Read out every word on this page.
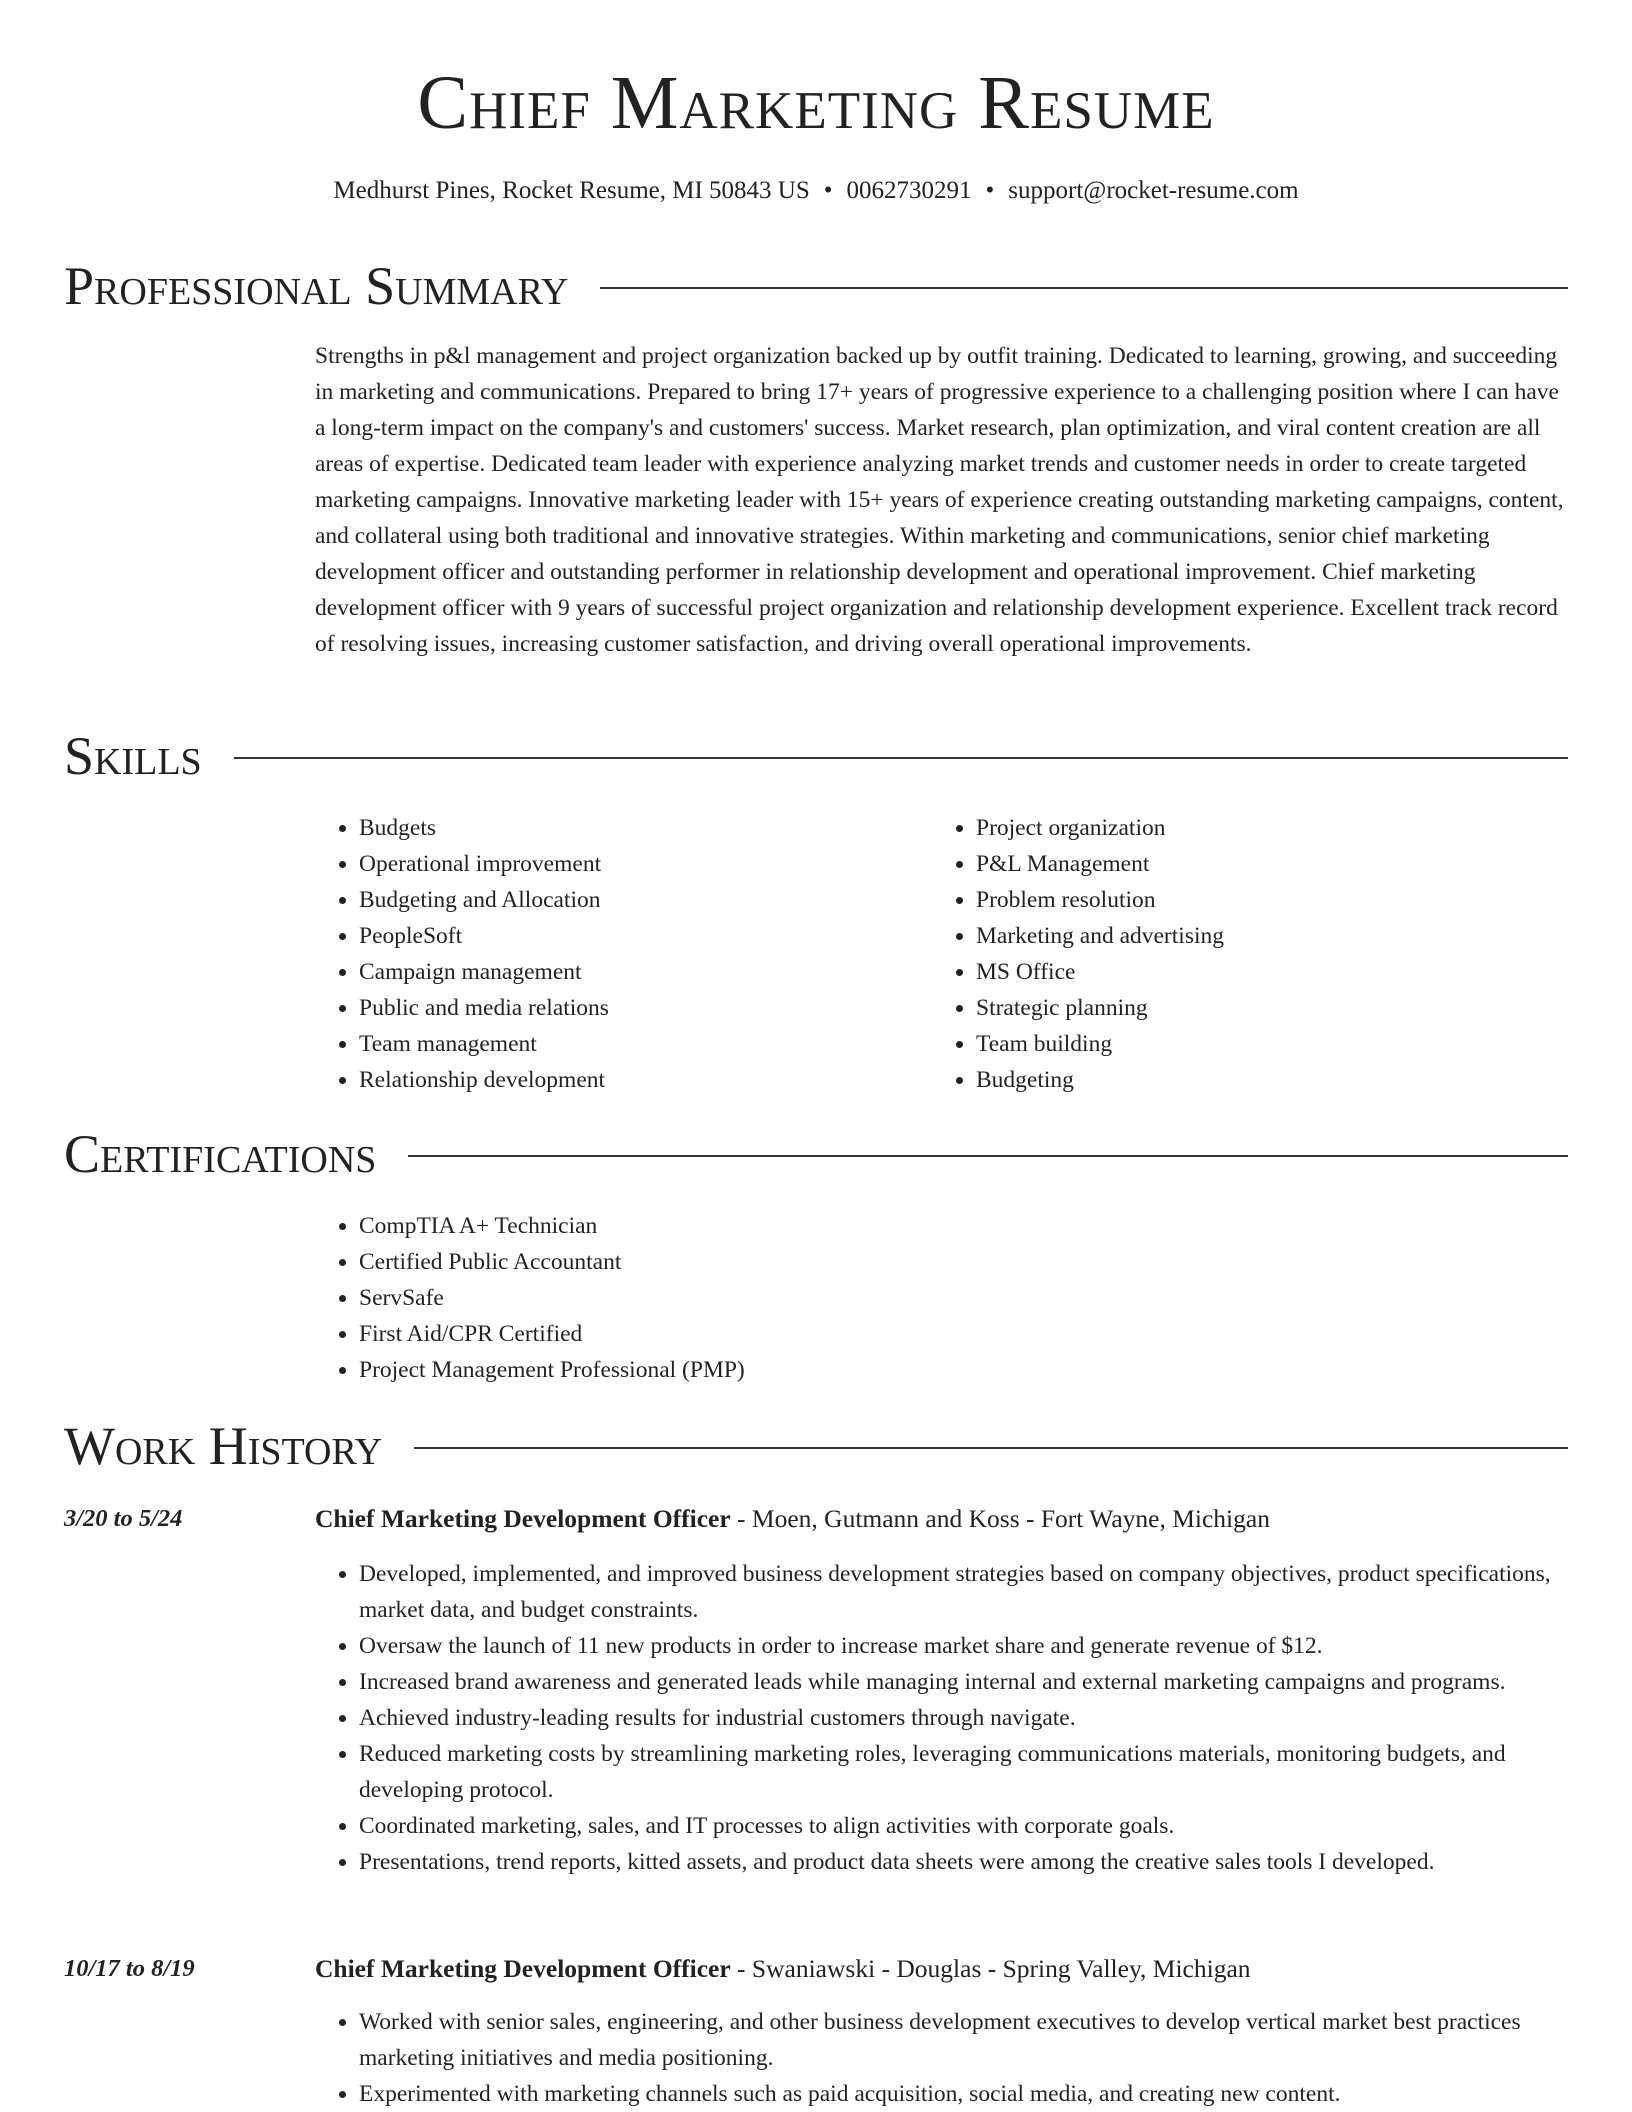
Chief Marketing Resume
Medhurst Pines, Rocket Resume, MI 50843 US • 0062730291 • support@rocket-resume.com
Professional Summary

Strengths in p&l management and project organization backed up by outfit training. Dedicated to learning, growing, and succeeding in marketing and communications. Prepared to bring 17+ years of progressive experience to a challenging position where I can have a long-term impact on the company's and customers' success. Market research, plan optimization, and viral content creation are all areas of expertise. Dedicated team leader with experience analyzing market trends and customer needs in order to create targeted marketing campaigns. Innovative marketing leader with 15+ years of experience creating outstanding marketing campaigns, content, and collateral using both traditional and innovative strategies. Within marketing and communications, senior chief marketing development officer and outstanding performer in relationship development and operational improvement. Chief marketing development officer with 9 years of successful project organization and relationship development experience. Excellent track record of resolving issues, increasing customer satisfaction, and driving overall operational improvements.

Skills
• Budgets
• Operational improvement
• Budgeting and Allocation
• PeopleSoft
• Campaign management
• Public and media relations
• Team management
• Relationship development
• Project organization
• P&L Management
• Problem resolution
• Marketing and advertising
• MS Office
• Strategic planning
• Team building
• Budgeting
Certifications
• CompTIA A+ Technician
• Certified Public Accountant
• ServSafe
• First Aid/CPR Certified
• Project Management Professional (PMP)
Work History
3/20 to 5/24	Chief Marketing Development Officer - Moen, Gutmann and Koss - Fort Wayne, Michigan
• Developed, implemented, and improved business development strategies based on company objectives, product specifications, market data, and budget constraints.
• Oversaw the launch of 11 new products in order to increase market share and generate revenue of $12.
• Increased brand awareness and generated leads while managing internal and external marketing campaigns and programs.
• Achieved industry-leading results for industrial customers through navigate.
• Reduced marketing costs by streamlining marketing roles, leveraging communications materials, monitoring budgets, and developing protocol.
• Coordinated marketing, sales, and IT processes to align activities with corporate goals.
• Presentations, trend reports, kitted assets, and product data sheets were among the creative sales tools I developed.
10/17 to 8/19	Chief Marketing Development Officer - Swaniawski - Douglas - Spring Valley, Michigan
• Worked with senior sales, engineering, and other business development executives to develop vertical market best practices marketing initiatives and media positioning.
• Experimented with marketing channels such as paid acquisition, social media, and creating new content.
